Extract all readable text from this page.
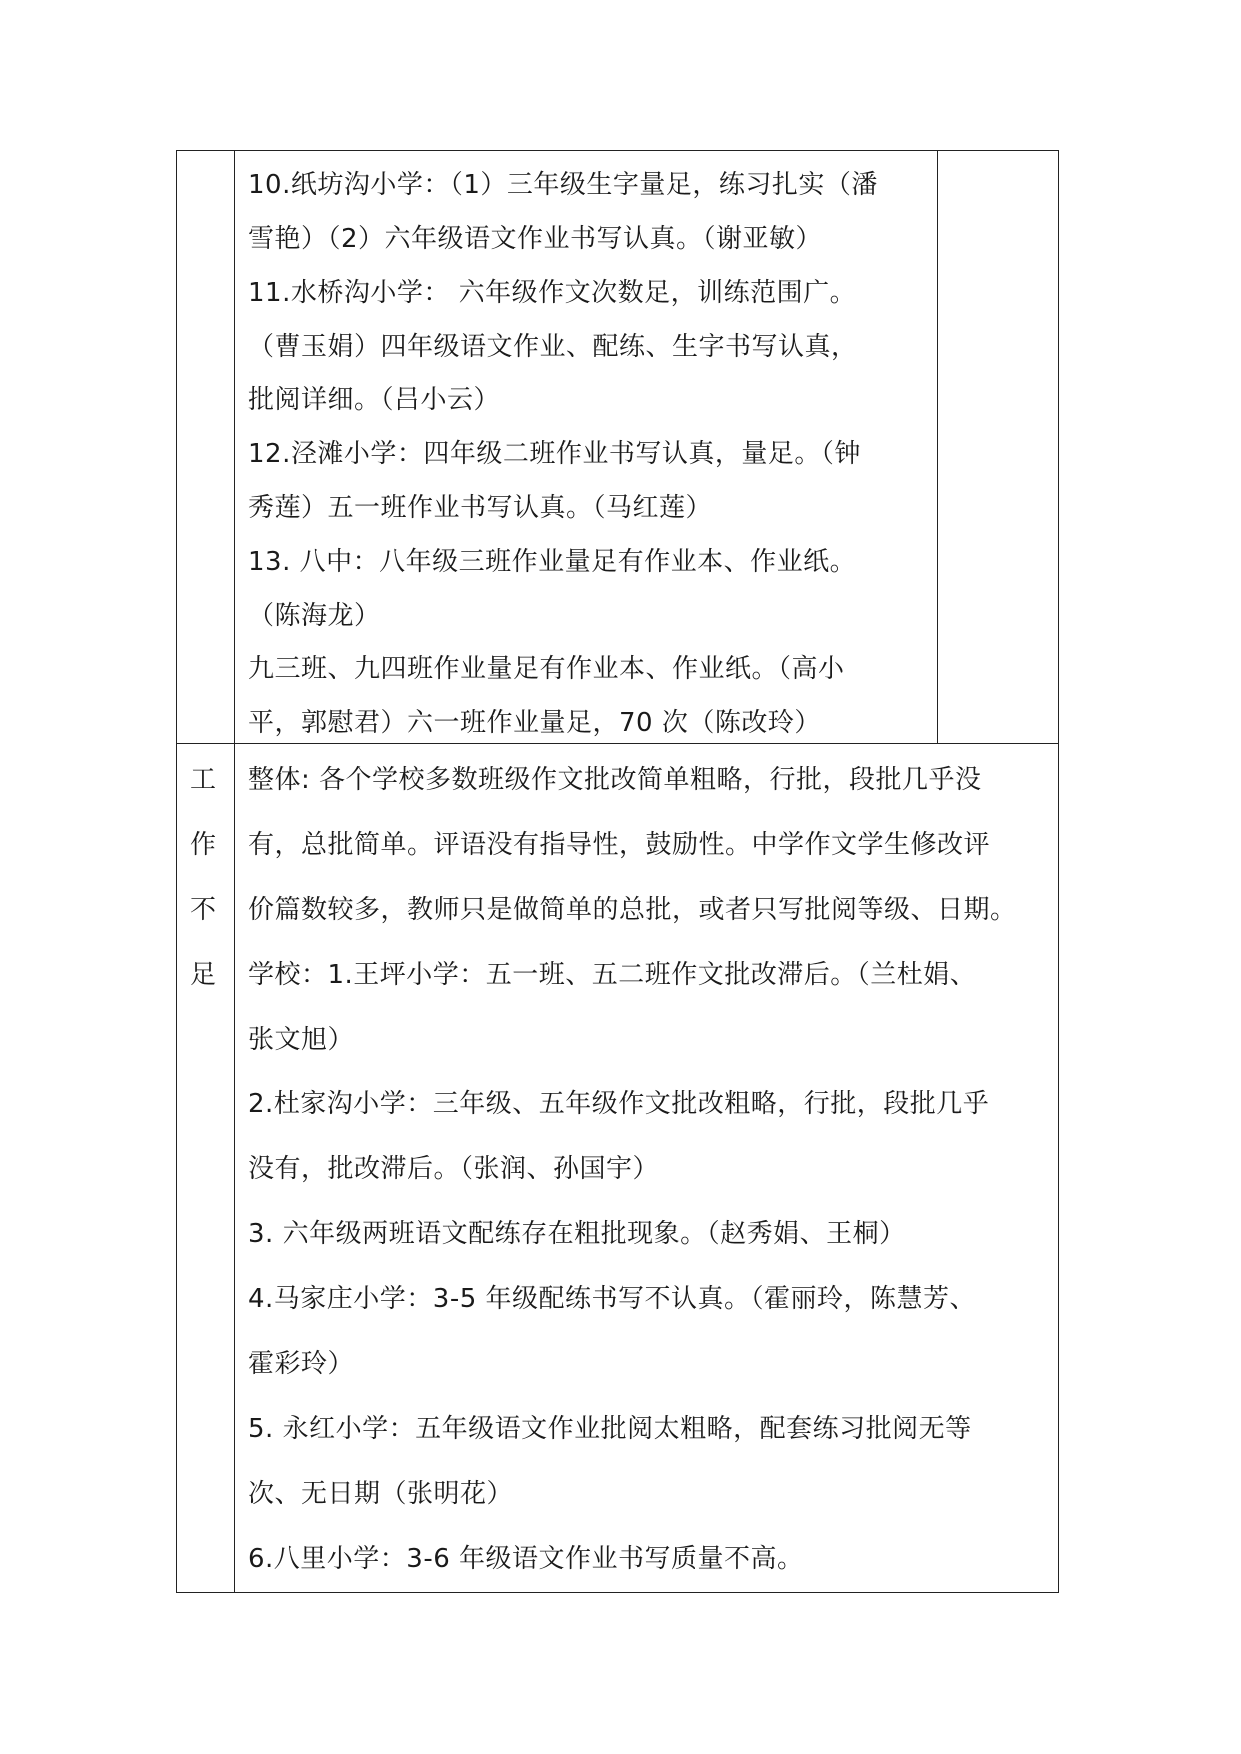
10.纸坊沟小学：（1）三年级生字量足，练习扎实（潘
雪艳）（2）六年级语文作业书写认真。（谢亚敏）
11.水桥沟小学： 六年级作文次数足，训练范围广。
（曹玉娟）四年级语文作业、配练、生字书写认真，
批阅详细。（吕小云）
12.泾滩小学：四年级二班作业书写认真，量足。（钟
秀莲）五一班作业书写认真。（马红莲）
13. 八中：八年级三班作业量足有作业本、作业纸。
（陈海龙）
九三班、九四班作业量足有作业本、作业纸。（高小
平，郭慰君）六一班作业量足，70 次（陈改玲）
工
作
不
足
整体: 各个学校多数班级作文批改简单粗略，行批，段批几乎没
有，总批简单。评语没有指导性，鼓励性。中学作文学生修改评
价篇数较多，教师只是做简单的总批，或者只写批阅等级、日期。
学校：1.王坪小学：五一班、五二班作文批改滞后。（兰杜娟、
张文旭）
2.杜家沟小学：三年级、五年级作文批改粗略，行批，段批几乎
没有，批改滞后。（张润、孙国宇）
3. 六年级两班语文配练存在粗批现象。（赵秀娟、王桐）
4.马家庄小学：3-5 年级配练书写不认真。（霍丽玲，陈慧芳、
霍彩玲）
5. 永红小学：五年级语文作业批阅太粗略，配套练习批阅无等
次、无日期（张明花）
6.八里小学：3-6 年级语文作业书写质量不高。
